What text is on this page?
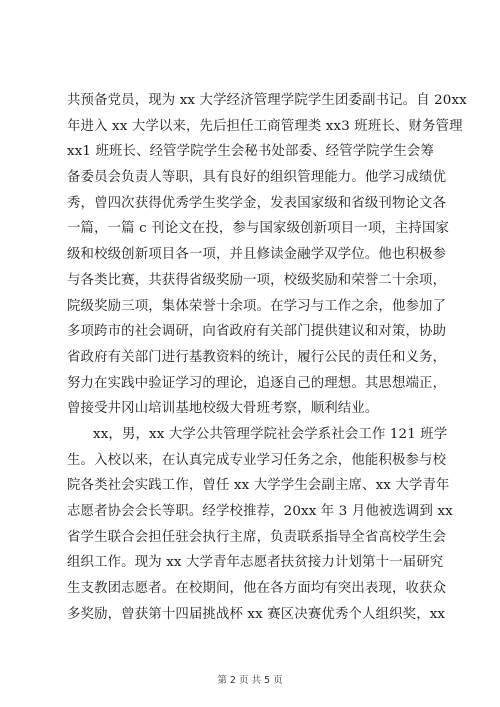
共预备党员，现为 xx 大学经济管理学院学生团委副书记。自 20xx
年进入 xx 大学以来，先后担任工商管理类 xx3 班班长、财务管理
xx1 班班长、经管学院学生会秘书处部委、经管学院学生会筹
备委员会负责人等职，具有良好的组织管理能力。他学习成绩优
秀，曾四次获得优秀学生奖学金，发表国家级和省级刊物论文各
一篇，一篇 c 刊论文在投，参与国家级创新项目一项，主持国家
级和校级创新项目各一项，并且修读金融学双学位。他也积极参
与各类比赛，共获得省级奖励一项，校级奖励和荣誉二十余项，
院级奖励三项，集体荣誉十余项。在学习与工作之余，他参加了
多项跨市的社会调研，向省政府有关部门提供建议和对策，协助
省政府有关部门进行基教资料的统计，履行公民的责任和义务，
努力在实践中验证学习的理论，追逐自己的理想。其思想端正，
曾接受井冈山培训基地校级大骨班考察，顺利结业。
xx，男，xx 大学公共管理学院社会学系社会工作 121 班学
生。入校以来，在认真完成专业学习任务之余，他能积极参与校
院各类社会实践工作，曾任 xx 大学学生会副主席、xx 大学青年
志愿者协会会长等职。经学校推荐，20xx 年 3 月他被选调到 xx
省学生联合会担任驻会执行主席，负责联系指导全省高校学生会
组织工作。现为 xx 大学青年志愿者扶贫接力计划第十一届研究
生支教团志愿者。在校期间，他在各方面均有突出表现，收获众
多奖励，曾获第十四届挑战杯 xx 赛区决赛优秀个人组织奖，xx
第 2 页 共 5 页
